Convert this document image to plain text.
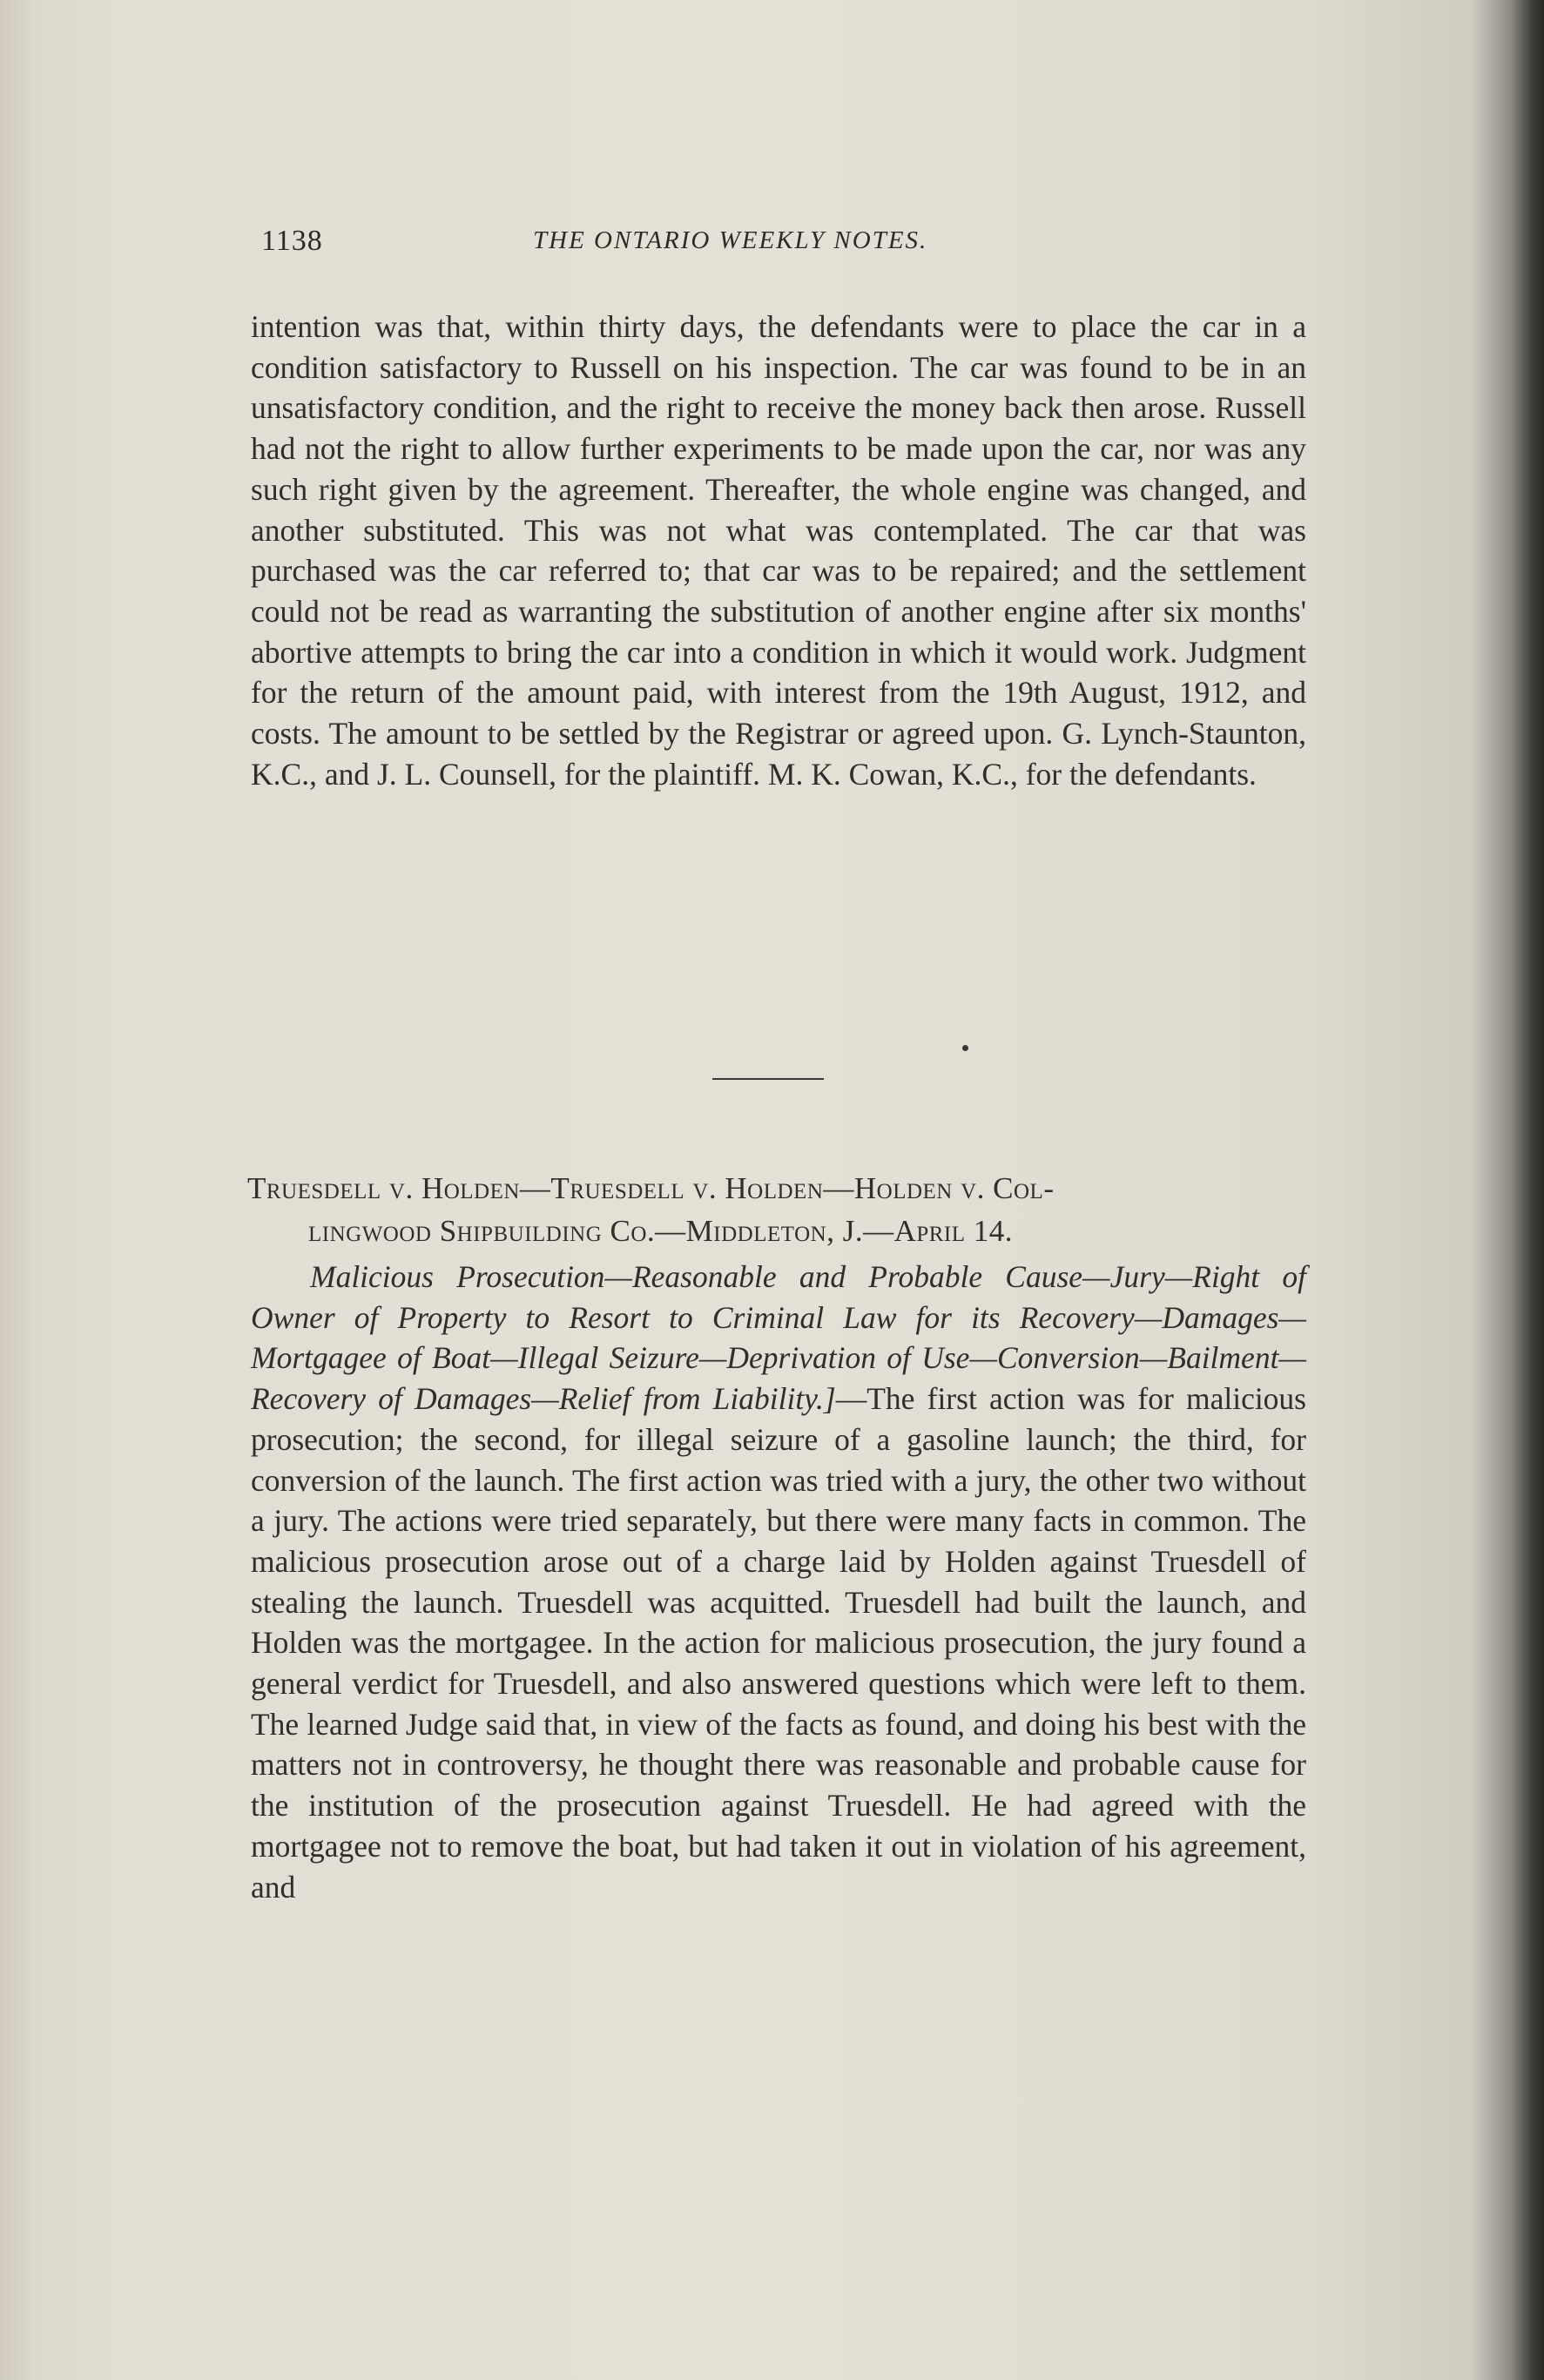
1138	THE ONTARIO WEEKLY NOTES.

intention was that, within thirty days, the defendants were to place the car in a condition satisfactory to Russell on his inspection. The car was found to be in an unsatisfactory condition, and the right to receive the money back then arose. Russell had not the right to allow further experiments to be made upon the car, nor was any such right given by the agreement. Thereafter, the whole engine was changed, and another substituted. This was not what was contemplated. The car that was purchased was the car referred to; that car was to be repaired; and the settlement could not be read as warranting the substitution of another engine after six months' abortive attempts to bring the car into a condition in which it would work. Judgment for the return of the amount paid, with interest from the 19th August, 1912, and costs. The amount to be settled by the Registrar or agreed upon. G. Lynch-Staunton, K.C., and J. L. Counsell, for the plaintiff. M. K. Cowan, K.C., for the defendants.

Truesdell v. Holden—Truesdell v. Holden—Holden v. Col-
lingwood Shipbuilding Co.—Middleton, J.—April 14.

Malicious Prosecution—Reasonable and Probable Cause—Jury—Right of Owner of Property to Resort to Criminal Law for its Recovery—Damages—Mortgagee of Boat—Illegal Seizure—Deprivation of Use—Conversion—Bailment—Recovery of Damages—Relief from Liability.]—The first action was for malicious prosecution; the second, for illegal seizure of a gasoline launch; the third, for conversion of the launch. The first action was tried with a jury, the other two without a jury. The actions were tried separately, but there were many facts in common. The malicious prosecution arose out of a charge laid by Holden against Truesdell of stealing the launch. Truesdell was acquitted. Truesdell had built the launch, and Holden was the mortgagee. In the action for malicious prosecution, the jury found a general verdict for Truesdell, and also answered questions which were left to them. The learned Judge said that, in view of the facts as found, and doing his best with the matters not in controversy, he thought there was reasonable and probable cause for the institution of the prosecution against Truesdell. He had agreed with the mortgagee not to remove the boat, but had taken it out in violation of his agreement, and
